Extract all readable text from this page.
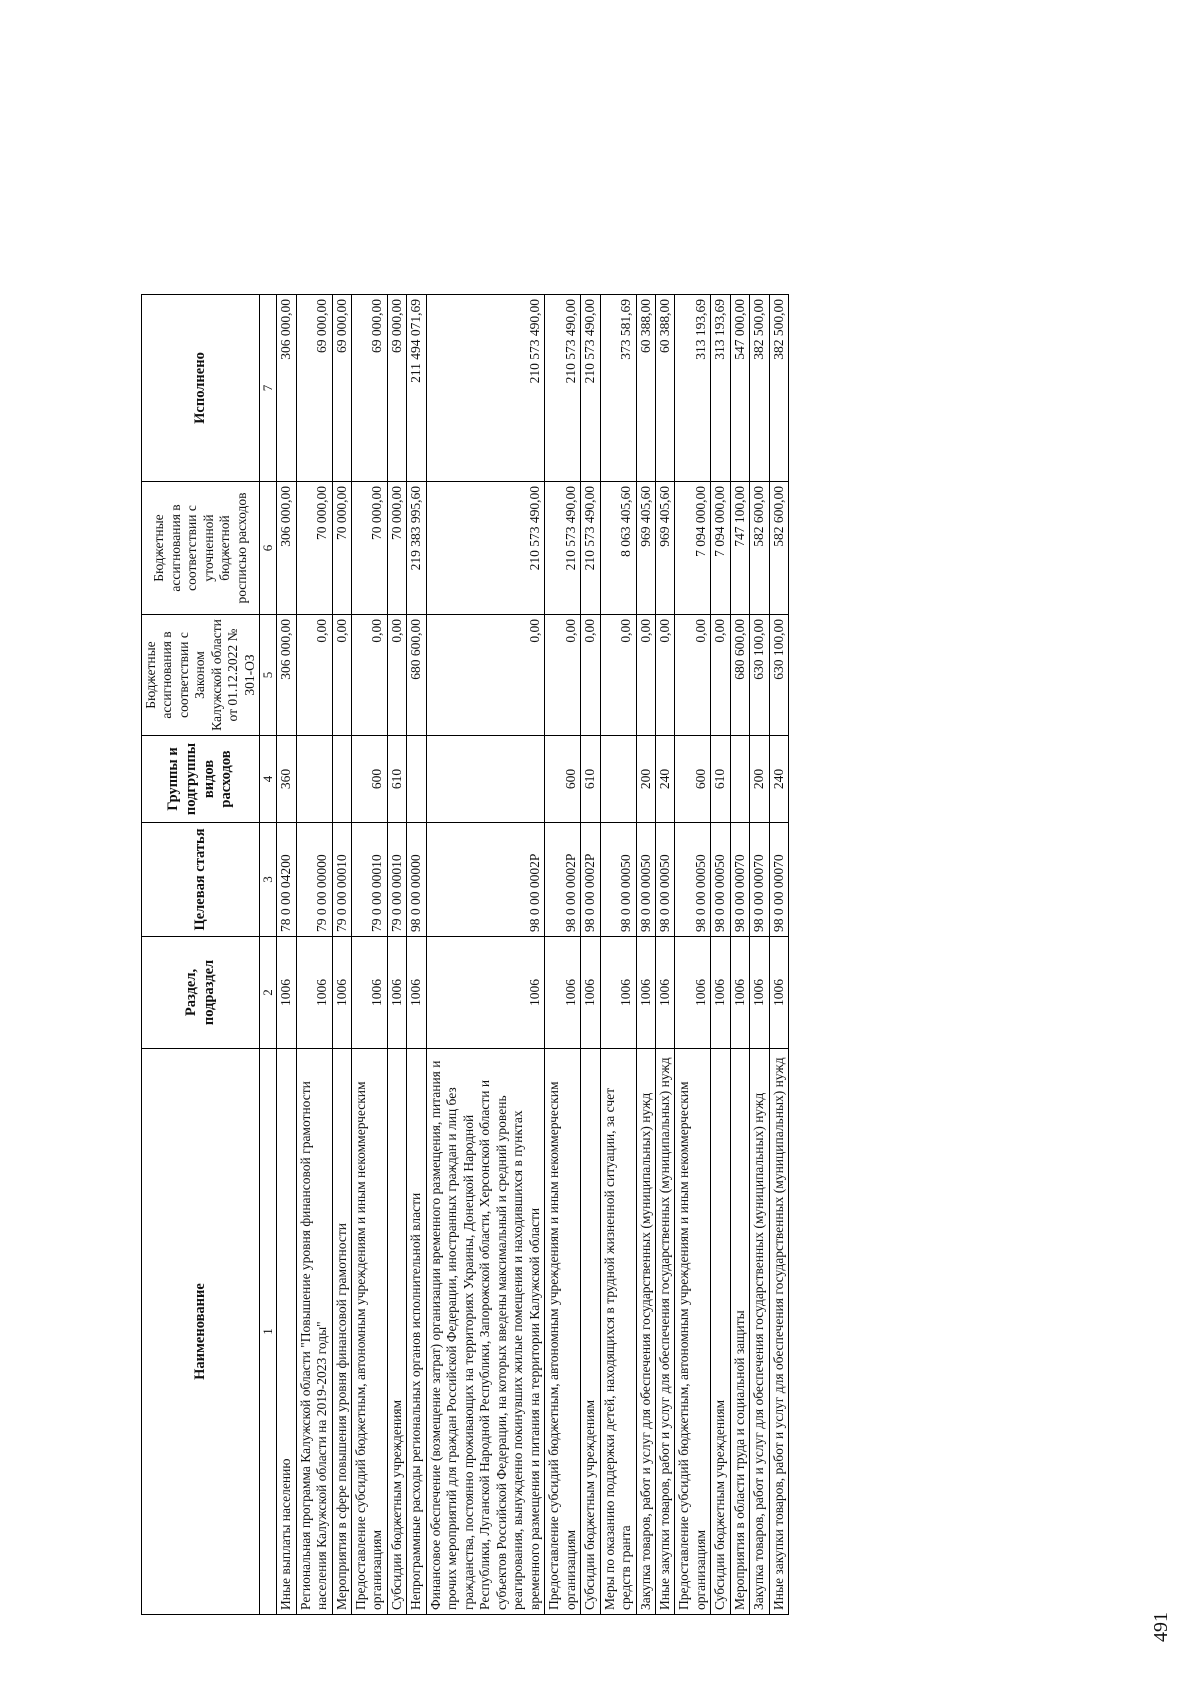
491
Наименование	Раздел, подраздел	Целевая статья	Группы и подгруппы видов расходов	Бюджетные ассигнования в соответствии с Законом Калужской области от 01.12.2022 № 301-ОЗ	Бюджетные ассигнования в соответствии с уточненной бюджетной росписью расходов	Исполнено
1	2	3	4	5	6	7
Иные выплаты населению	1006	78 0 00 04200	360	306 000,00	306 000,00	306 000,00
Региональная программа Калужской области "Повышение уровня финансовой грамотности населения Калужской области на 2019-2023 годы"	1006	79 0 00 00000		0,00	70 000,00	69 000,00
Мероприятия в сфере повышения уровня финансовой грамотности	1006	79 0 00 00010		0,00	70 000,00	69 000,00
Предоставление субсидий бюджетным, автономным учреждениям и иным некоммерческим организациям	1006	79 0 00 00010	600	0,00	70 000,00	69 000,00
Субсидии бюджетным учреждениям	1006	79 0 00 00010	610	0,00	70 000,00	69 000,00
Непрограммные расходы региональных органов исполнительной власти	1006	98 0 00 00000		680 600,00	219 383 995,60	211 494 071,69
Финансовое обеспечение (возмещение затрат) организации временного размещения, питания и прочих мероприятий для граждан Российской Федерации, иностранных граждан и лиц без гражданства, постоянно проживающих на территориях Украины, Донецкой Народной Республики, Луганской Народной Республики, Запорожской области, Херсонской области и субъектов Российской Федерации, на которых введены максимальный и средний уровень реагирования, вынужденно покинувших жилые помещения и находившихся в пунктах временного размещения и питания на территории Калужской области	1006	98 0 00 0002Р		0,00	210 573 490,00	210 573 490,00
Предоставление субсидий бюджетным, автономным учреждениям и иным некоммерческим организациям	1006	98 0 00 0002Р	600	0,00	210 573 490,00	210 573 490,00
Субсидии бюджетным учреждениям	1006	98 0 00 0002Р	610	0,00	210 573 490,00	210 573 490,00
Меры по оказанию поддержки детей, находящихся в трудной жизненной ситуации, за счет средств гранта	1006	98 0 00 00050		0,00	8 063 405,60	373 581,69
Закупка товаров, работ и услуг для обеспечения государственных (муниципальных) нужд	1006	98 0 00 00050	200	0,00	969 405,60	60 388,00
Иные закупки товаров, работ и услуг для обеспечения государственных (муниципальных) нужд	1006	98 0 00 00050	240	0,00	969 405,60	60 388,00
Предоставление субсидий бюджетным, автономным учреждениям и иным некоммерческим организациям	1006	98 0 00 00050	600	0,00	7 094 000,00	313 193,69
Субсидии бюджетным учреждениям	1006	98 0 00 00050	610	0,00	7 094 000,00	313 193,69
Мероприятия в области труда и социальной защиты	1006	98 0 00 00070		680 600,00	747 100,00	547 000,00
Закупка товаров, работ и услуг для обеспечения государственных (муниципальных) нужд	1006	98 0 00 00070	200	630 100,00	582 600,00	382 500,00
Иные закупки товаров, работ и услуг для обеспечения государственных (муниципальных) нужд	1006	98 0 00 00070	240	630 100,00	582 600,00	382 500,00
